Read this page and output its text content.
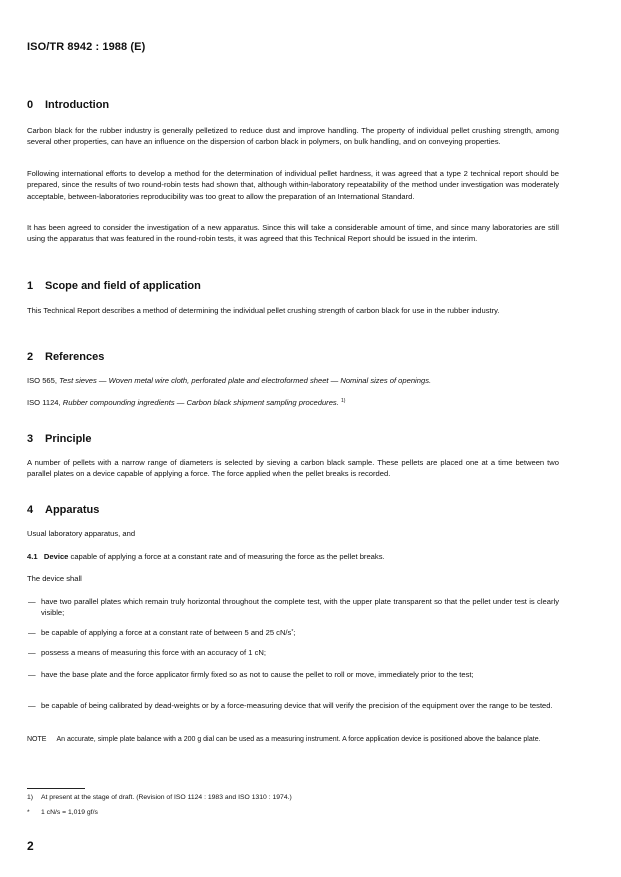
ISO/TR 8942 : 1988 (E)
0 Introduction
Carbon black for the rubber industry is generally pelletized to reduce dust and improve handling. The property of individual pellet crushing strength, among several other properties, can have an influence on the dispersion of carbon black in polymers, on bulk handling, and on conveying properties.
Following international efforts to develop a method for the determination of individual pellet hardness, it was agreed that a type 2 technical report should be prepared, since the results of two round-robin tests had shown that, although within-laboratory repeatability of the method under investigation was moderately acceptable, between-laboratories reproducibility was too great to allow the preparation of an International Standard.
It has been agreed to consider the investigation of a new apparatus. Since this will take a considerable amount of time, and since many laboratories are still using the apparatus that was featured in the round-robin tests, it was agreed that this Technical Report should be issued in the interim.
1 Scope and field of application
This Technical Report describes a method of determining the individual pellet crushing strength of carbon black for use in the rubber industry.
2 References
ISO 565, Test sieves — Woven metal wire cloth, perforated plate and electroformed sheet — Nominal sizes of openings.
ISO 1124, Rubber compounding ingredients — Carbon black shipment sampling procedures. $^{1)}$
3 Principle
A number of pellets with a narrow range of diameters is selected by sieving a carbon black sample. These pellets are placed one at a time between two parallel plates on a device capable of applying a force. The force applied when the pellet breaks is recorded.
4 Apparatus
Usual laboratory apparatus, and
4.1 Device capable of applying a force at a constant rate and of measuring the force as the pellet breaks.
The device shall
— have two parallel plates which remain truly horizontal throughout the complete test, with the upper plate transparent so that the pellet under test is clearly visible;
— be capable of applying a force at a constant rate of between 5 and 25 cN/s*;
— possess a means of measuring this force with an accuracy of 1 cN;
— have the base plate and the force applicator firmly fixed so as not to cause the pellet to roll or move, immediately prior to the test;
— be capable of being calibrated by dead-weights or by a force-measuring device that will verify the precision of the equipment over the range to be tested.
NOTE An accurate, simple plate balance with a 200 g dial can be used as a measuring instrument. A force application device is positioned above the balance plate.
1) At present at the stage of draft. (Revision of ISO 1124 : 1983 and ISO 1310 : 1974.)
* 1 cN/s = 1,019 gf/s
2
